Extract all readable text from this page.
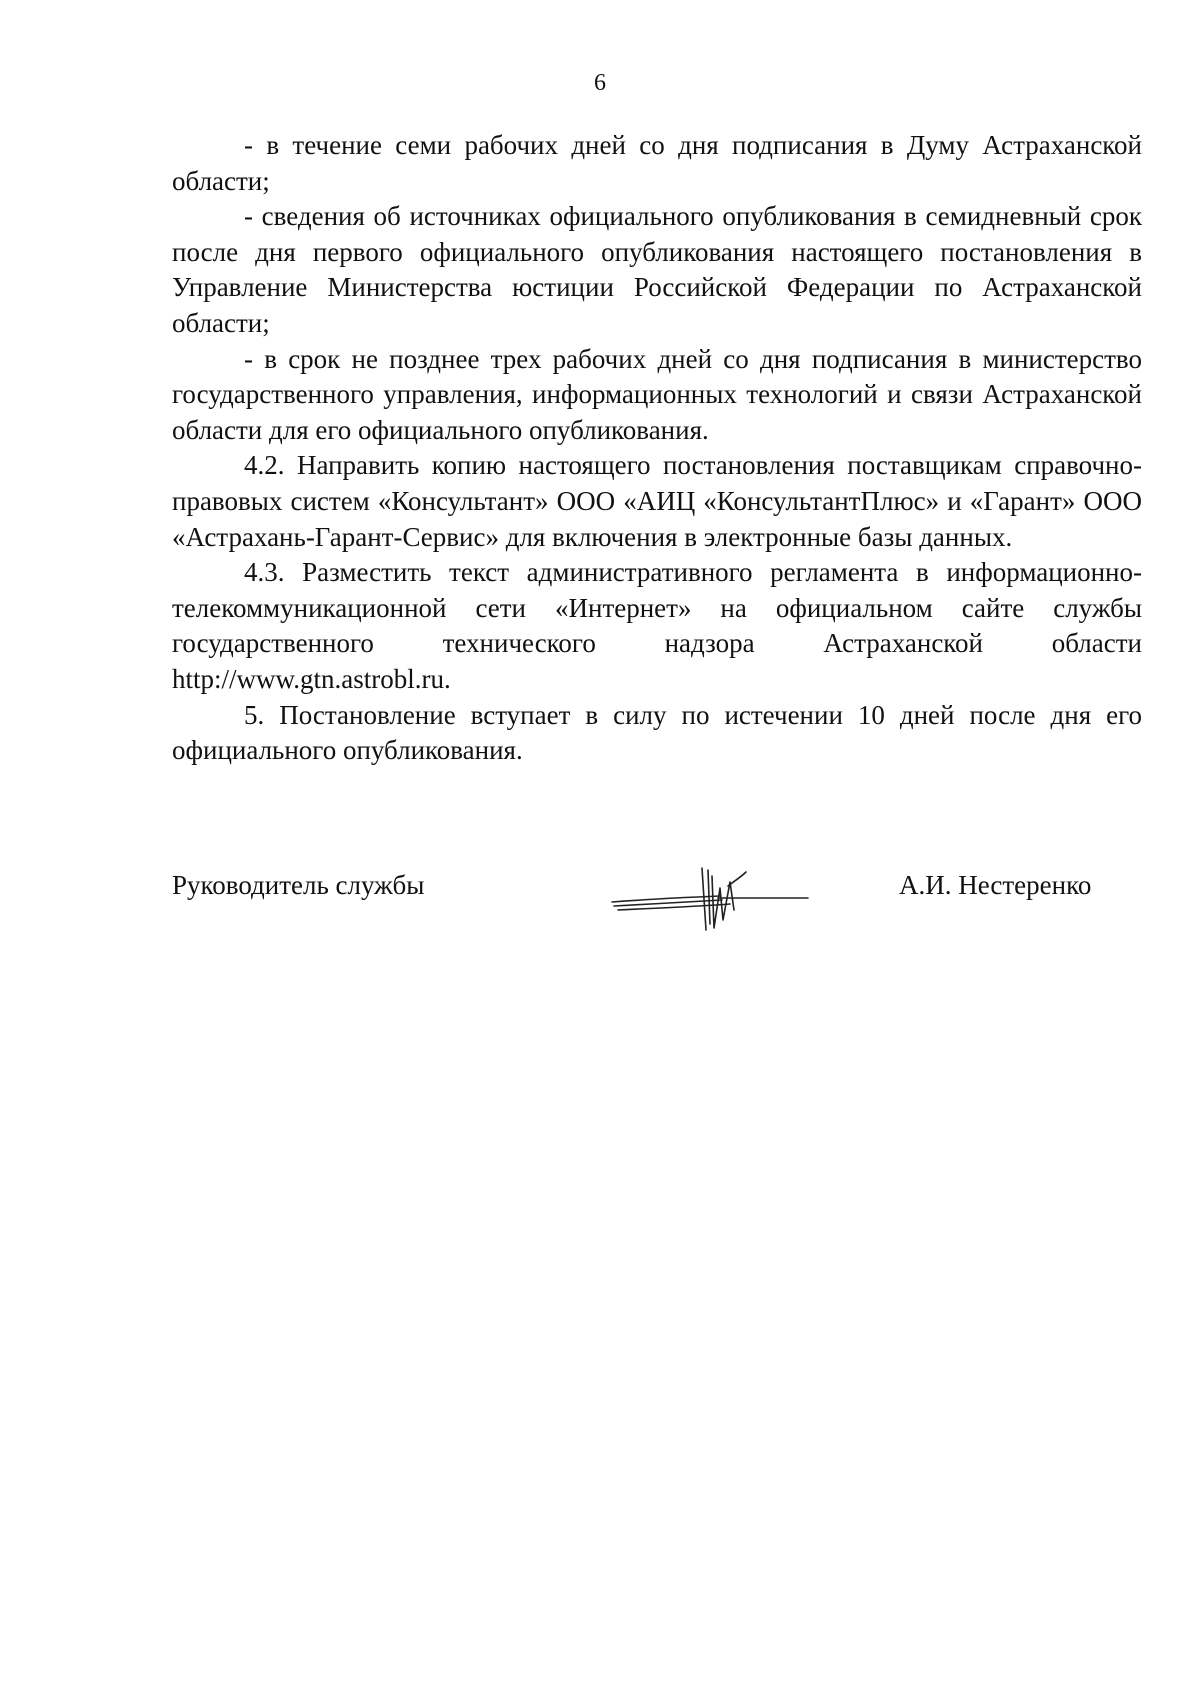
6

- в течение семи рабочих дней со дня подписания в Думу Астраханской области;

- сведения об источниках официального опубликования в семидневный срок после дня первого официального опубликования настоящего постановления в Управление Министерства юстиции Российской Федерации по Астраханской области;

- в срок не позднее трех рабочих дней со дня подписания в министерство государственного управления, информационных технологий и связи Астраханской области для его официального опубликования.

4.2. Направить копию настоящего постановления поставщикам справочно-правовых систем «Консультант» ООО «АИЦ «КонсультантПлюс» и «Гарант» ООО «Астрахань-Гарант-Сервис» для включения в электронные базы данных.

4.3. Разместить текст административного регламента в информационно-телекоммуникационной сети «Интернет» на официальном сайте службы государственного технического надзора Астраханской области http://www.gtn.astrobl.ru.

5. Постановление вступает в силу по истечении 10 дней после дня его официального опубликования.

Руководитель службы	А.И. Нестеренко
